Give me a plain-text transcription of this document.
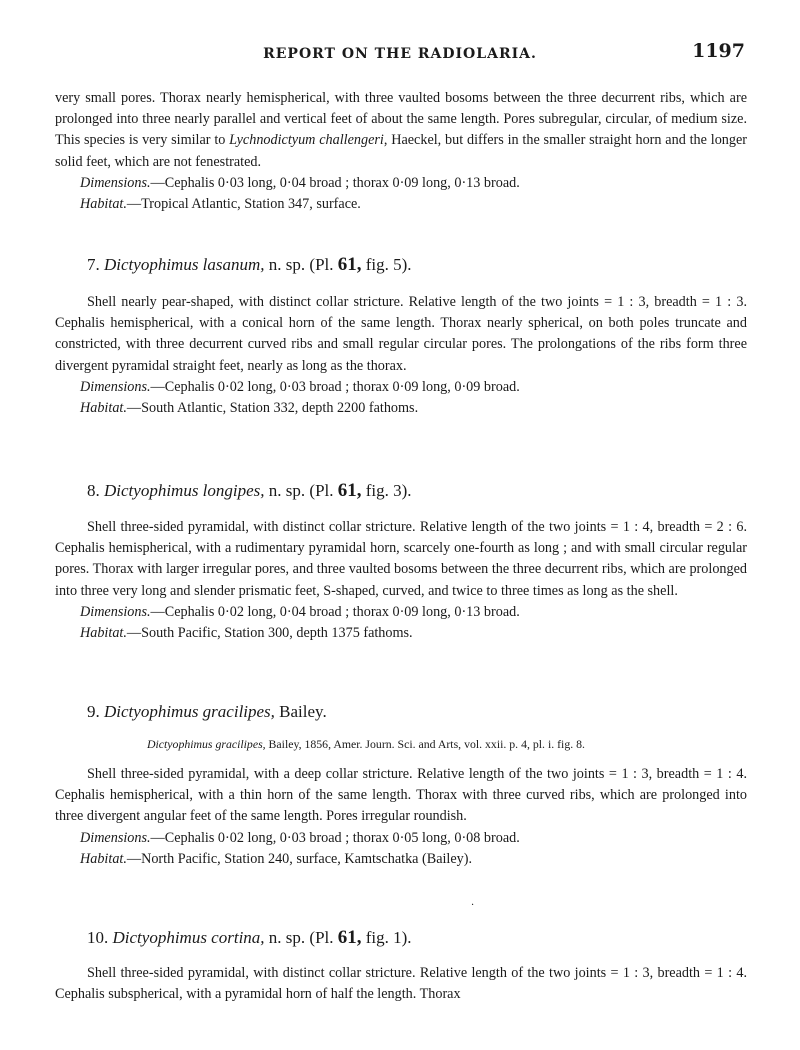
REPORT ON THE RADIOLARIA.	1197

very small pores. Thorax nearly hemispherical, with three vaulted bosoms between the three decurrent ribs, which are prolonged into three nearly parallel and vertical feet of about the same length. Pores subregular, circular, of medium size. This species is very similar to Lychnodictyum challengeri, Haeckel, but differs in the smaller straight horn and the longer solid feet, which are not fenestrated.

Dimensions.—Cephalis 0·03 long, 0·04 broad ; thorax 0·09 long, 0·13 broad.

Habitat.—Tropical Atlantic, Station 347, surface.

7. Dictyophimus lasanum, n. sp. (Pl. 61, fig. 5).

Shell nearly pear-shaped, with distinct collar stricture. Relative length of the two joints = 1 : 3, breadth = 1 : 3. Cephalis hemispherical, with a conical horn of the same length. Thorax nearly spherical, on both poles truncate and constricted, with three decurrent curved ribs and small regular circular pores. The prolongations of the ribs form three divergent pyramidal straight feet, nearly as long as the thorax.

Dimensions.—Cephalis 0·02 long, 0·03 broad ; thorax 0·09 long, 0·09 broad.

Habitat.—South Atlantic, Station 332, depth 2200 fathoms.

8. Dictyophimus longipes, n. sp. (Pl. 61, fig. 3).

Shell three-sided pyramidal, with distinct collar stricture. Relative length of the two joints = 1 : 4, breadth = 2 : 6. Cephalis hemispherical, with a rudimentary pyramidal horn, scarcely one-fourth as long ; and with small circular regular pores. Thorax with larger irregular pores, and three vaulted bosoms between the three decurrent ribs, which are prolonged into three very long and slender prismatic feet, S-shaped, curved, and twice to three times as long as the shell.

Dimensions.—Cephalis 0·02 long, 0·04 broad ; thorax 0·09 long, 0·13 broad.

Habitat.—South Pacific, Station 300, depth 1375 fathoms.

9. Dictyophimus gracilipes, Bailey.

Dictyophimus gracilipes, Bailey, 1856, Amer. Journ. Sci. and Arts, vol. xxii. p. 4, pl. i. fig. 8.

Shell three-sided pyramidal, with a deep collar stricture. Relative length of the two joints = 1 : 3, breadth = 1 : 4. Cephalis hemispherical, with a thin horn of the same length. Thorax with three curved ribs, which are prolonged into three divergent angular feet of the same length. Pores irregular roundish.

Dimensions.—Cephalis 0·02 long, 0·03 broad ; thorax 0·05 long, 0·08 broad.

Habitat.—North Pacific, Station 240, surface, Kamtschatka (Bailey).

·

10. Dictyophimus cortina, n. sp. (Pl. 61, fig. 1).

Shell three-sided pyramidal, with distinct collar stricture. Relative length of the two joints = 1 : 3, breadth = 1 : 4. Cephalis subspherical, with a pyramidal horn of half the length. Thorax
